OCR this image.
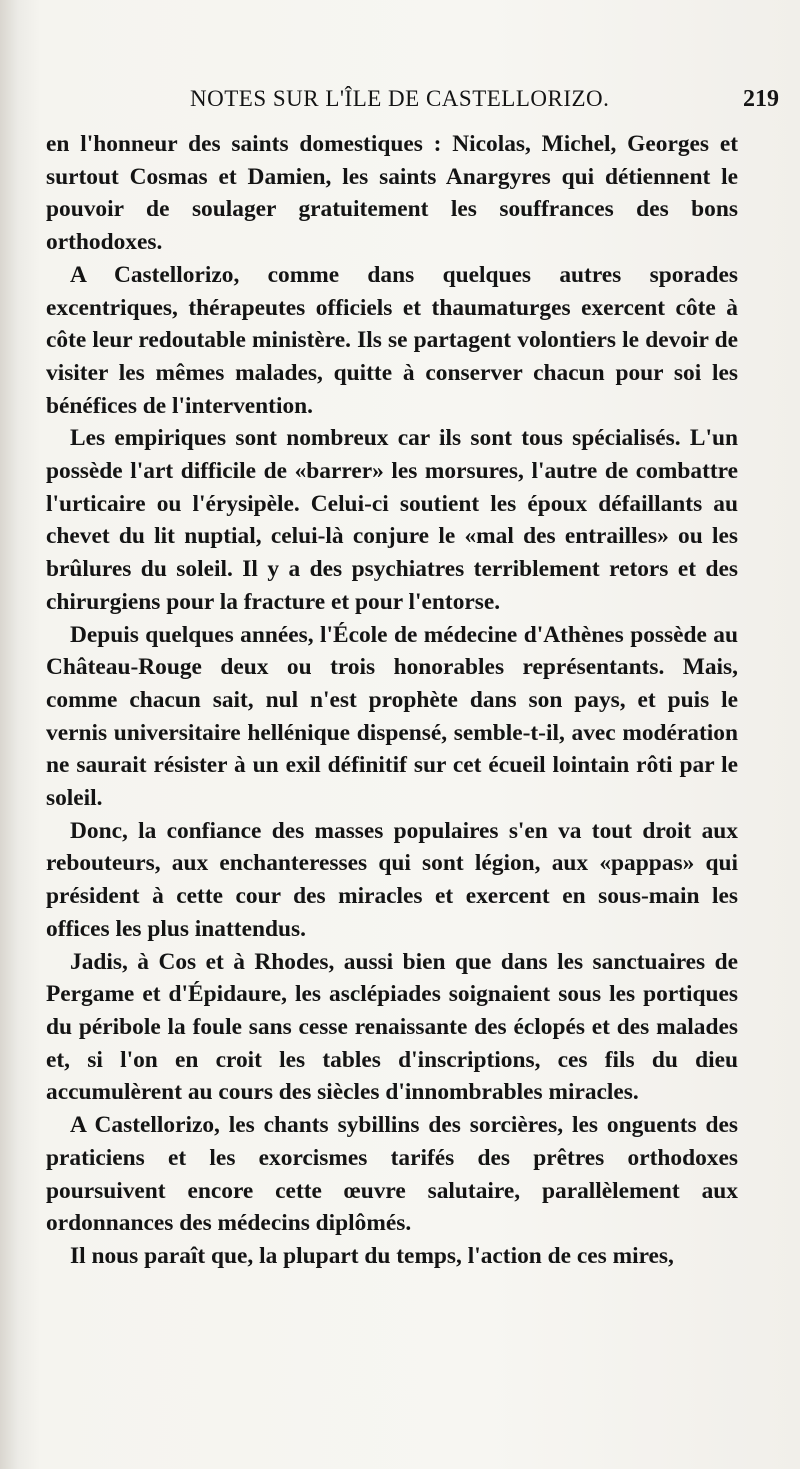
NOTES SUR L'ÎLE DE CASTELLORIZO.	219

en l'honneur des saints domestiques : Nicolas, Michel, Georges et surtout Cosmas et Damien, les saints Anargyres qui détiennent le pouvoir de soulager gratuitement les souffrances des bons orthodoxes.

A Castellorizo, comme dans quelques autres sporades excentriques, thérapeutes officiels et thaumaturges exercent côte à côte leur redoutable ministère. Ils se partagent volontiers le devoir de visiter les mêmes malades, quitte à conserver chacun pour soi les bénéfices de l'intervention.

Les empiriques sont nombreux car ils sont tous spécialisés. L'un possède l'art difficile de «barrer» les morsures, l'autre de combattre l'urticaire ou l'érysipèle. Celui-ci soutient les époux défaillants au chevet du lit nuptial, celui-là conjure le «mal des entrailles» ou les brûlures du soleil. Il y a des psychiatres terriblement retors et des chirurgiens pour la fracture et pour l'entorse.

Depuis quelques années, l'École de médecine d'Athènes possède au Château-Rouge deux ou trois honorables représentants. Mais, comme chacun sait, nul n'est prophète dans son pays, et puis le vernis universitaire hellénique dispensé, semble-t-il, avec modération ne saurait résister à un exil définitif sur cet écueil lointain rôti par le soleil.

Donc, la confiance des masses populaires s'en va tout droit aux rebouteurs, aux enchanteresses qui sont légion, aux «pappas» qui président à cette cour des miracles et exercent en sous-main les offices les plus inattendus.

Jadis, à Cos et à Rhodes, aussi bien que dans les sanctuaires de Pergame et d'Épidaure, les asclépiades soignaient sous les portiques du péribole la foule sans cesse renaissante des éclopés et des malades et, si l'on en croit les tables d'inscriptions, ces fils du dieu accumulèrent au cours des siècles d'innombrables miracles.

A Castellorizo, les chants sybillins des sorcières, les onguents des praticiens et les exorcismes tarifés des prêtres orthodoxes poursuivent encore cette œuvre salutaire, parallèlement aux ordonnances des médecins diplômés.

Il nous paraît que, la plupart du temps, l'action de ces mires,
